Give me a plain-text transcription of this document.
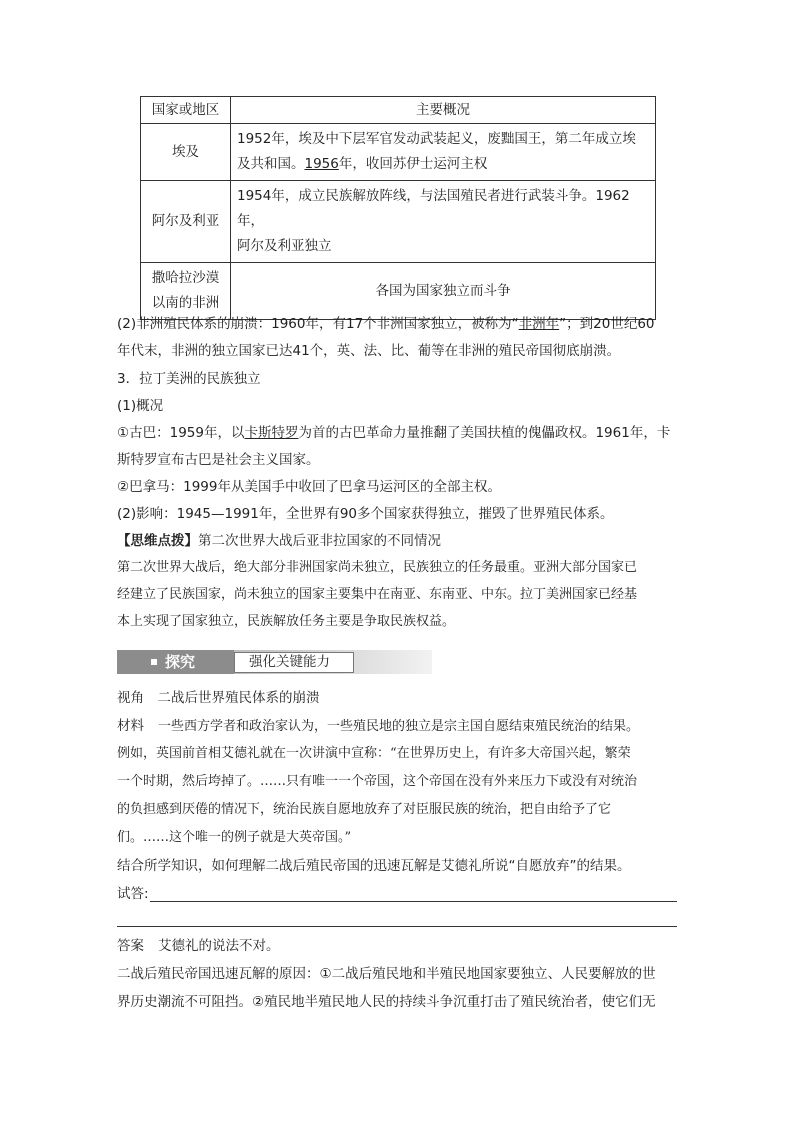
国家或地区	主要概况
埃及	1952年，埃及中下层军官发动武装起义，废黜国王，第二年成立埃
及共和国。1956年，收回苏伊士运河主权
阿尔及利亚	1954年，成立民族解放阵线，与法国殖民者进行武装斗争。1962年，
阿尔及利亚独立
撒哈拉沙漠
以南的非洲	各国为国家独立而斗争
(2)非洲殖民体系的崩溃：1960年，有17个非洲国家独立，被称为“非洲年”；到20世纪60
年代末，非洲的独立国家已达41个，英、法、比、葡等在非洲的殖民帝国彻底崩溃。
3．拉丁美洲的民族独立
(1)概况
①古巴：1959年，以卡斯特罗为首的古巴革命力量推翻了美国扶植的傀儡政权。1961年，卡
斯特罗宣布古巴是社会主义国家。
②巴拿马：1999年从美国手中收回了巴拿马运河区的全部主权。
(2)影响：1945—1991年，全世界有90多个国家获得独立，摧毁了世界殖民体系。
【思维点拨】第二次世界大战后亚非拉国家的不同情况
第二次世界大战后，绝大部分非洲国家尚未独立，民族独立的任务最重。亚洲大部分国家已
经建立了民族国家，尚未独立的国家主要集中在南亚、东南亚、中东。拉丁美洲国家已经基
本上实现了国家独立，民族解放任务主要是争取民族权益。
探究	强化关键能力
视角　二战后世界殖民体系的崩溃
材料 一些西方学者和政治家认为，一些殖民地的独立是宗主国自愿结束殖民统治的结果。
例如，英国前首相艾德礼就在一次讲演中宣称：“在世界历史上，有许多大帝国兴起，繁荣
一个时期，然后垮掉了。……只有唯一一个帝国，这个帝国在没有外来压力下或没有对统治
的负担感到厌倦的情况下，统治民族自愿地放弃了对臣服民族的统治，把自由给予了它
们。……这个唯一的例子就是大英帝国。”
结合所学知识，如何理解二战后殖民帝国的迅速瓦解是艾德礼所说“自愿放弃”的结果。
试答:
答案 艾德礼的说法不对。
二战后殖民帝国迅速瓦解的原因：①二战后殖民地和半殖民地国家要独立、人民要解放的世
界历史潮流不可阻挡。②殖民地半殖民地人民的持续斗争沉重打击了殖民统治者，使它们无
